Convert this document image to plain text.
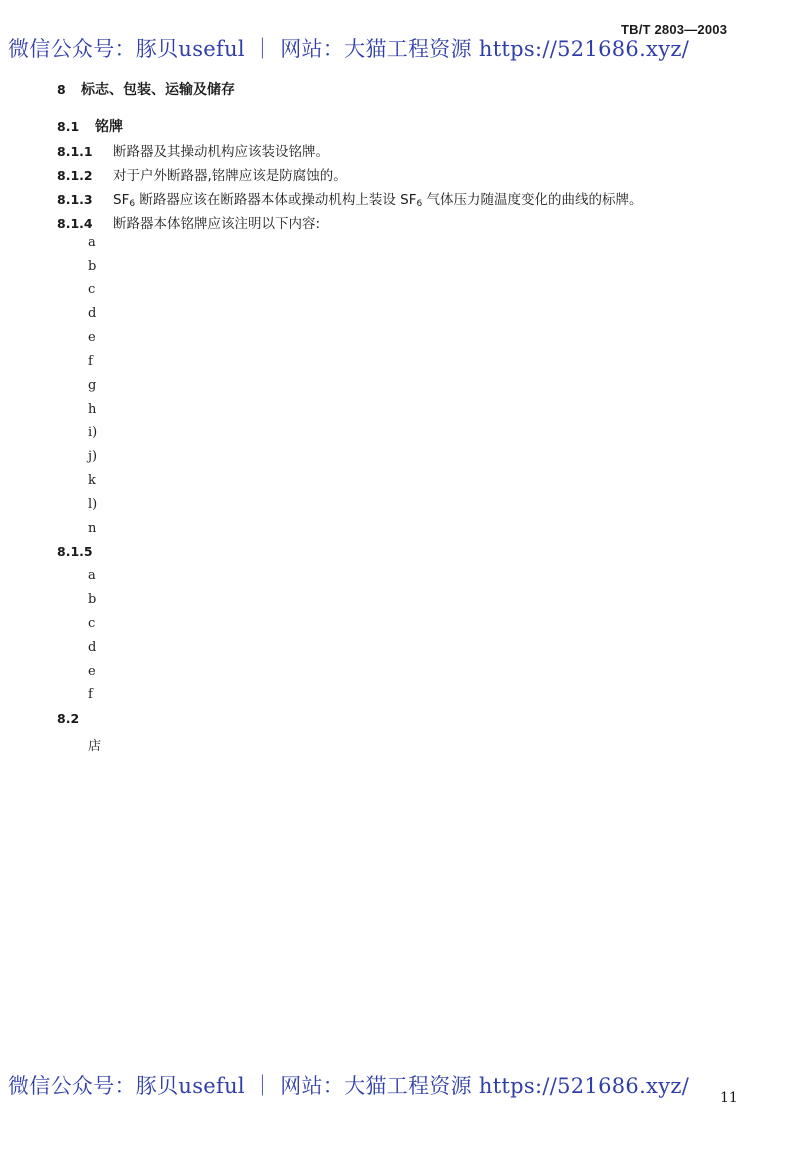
TB/T 2803—2003
微信公众号：豚贝useful ｜ 网站：大猫工程资源 https://521686.xyz/
8 标志、包装、运输及储存
8.1 铭牌
8.1.1 断路器及其操动机构应该装设铭牌。
8.1.2 对于户外断路器,铭牌应该是防腐蚀的。
8.1.3 $SF_6$ 断路器应该在断路器本体或操动机构上装设 $SF_6$ 气体压力随温度变化的曲线的标牌。
8.1.4 断路器本体铭牌应该注明以下内容:
a
b
c
d
e
f
g
h
i)
j)
k
l)
n
8.1.5
a
b
c
d
e
f
8.2
店
微信公众号：豚贝useful ｜ 网站：大猫工程资源 https://521686.xyz/ 11
